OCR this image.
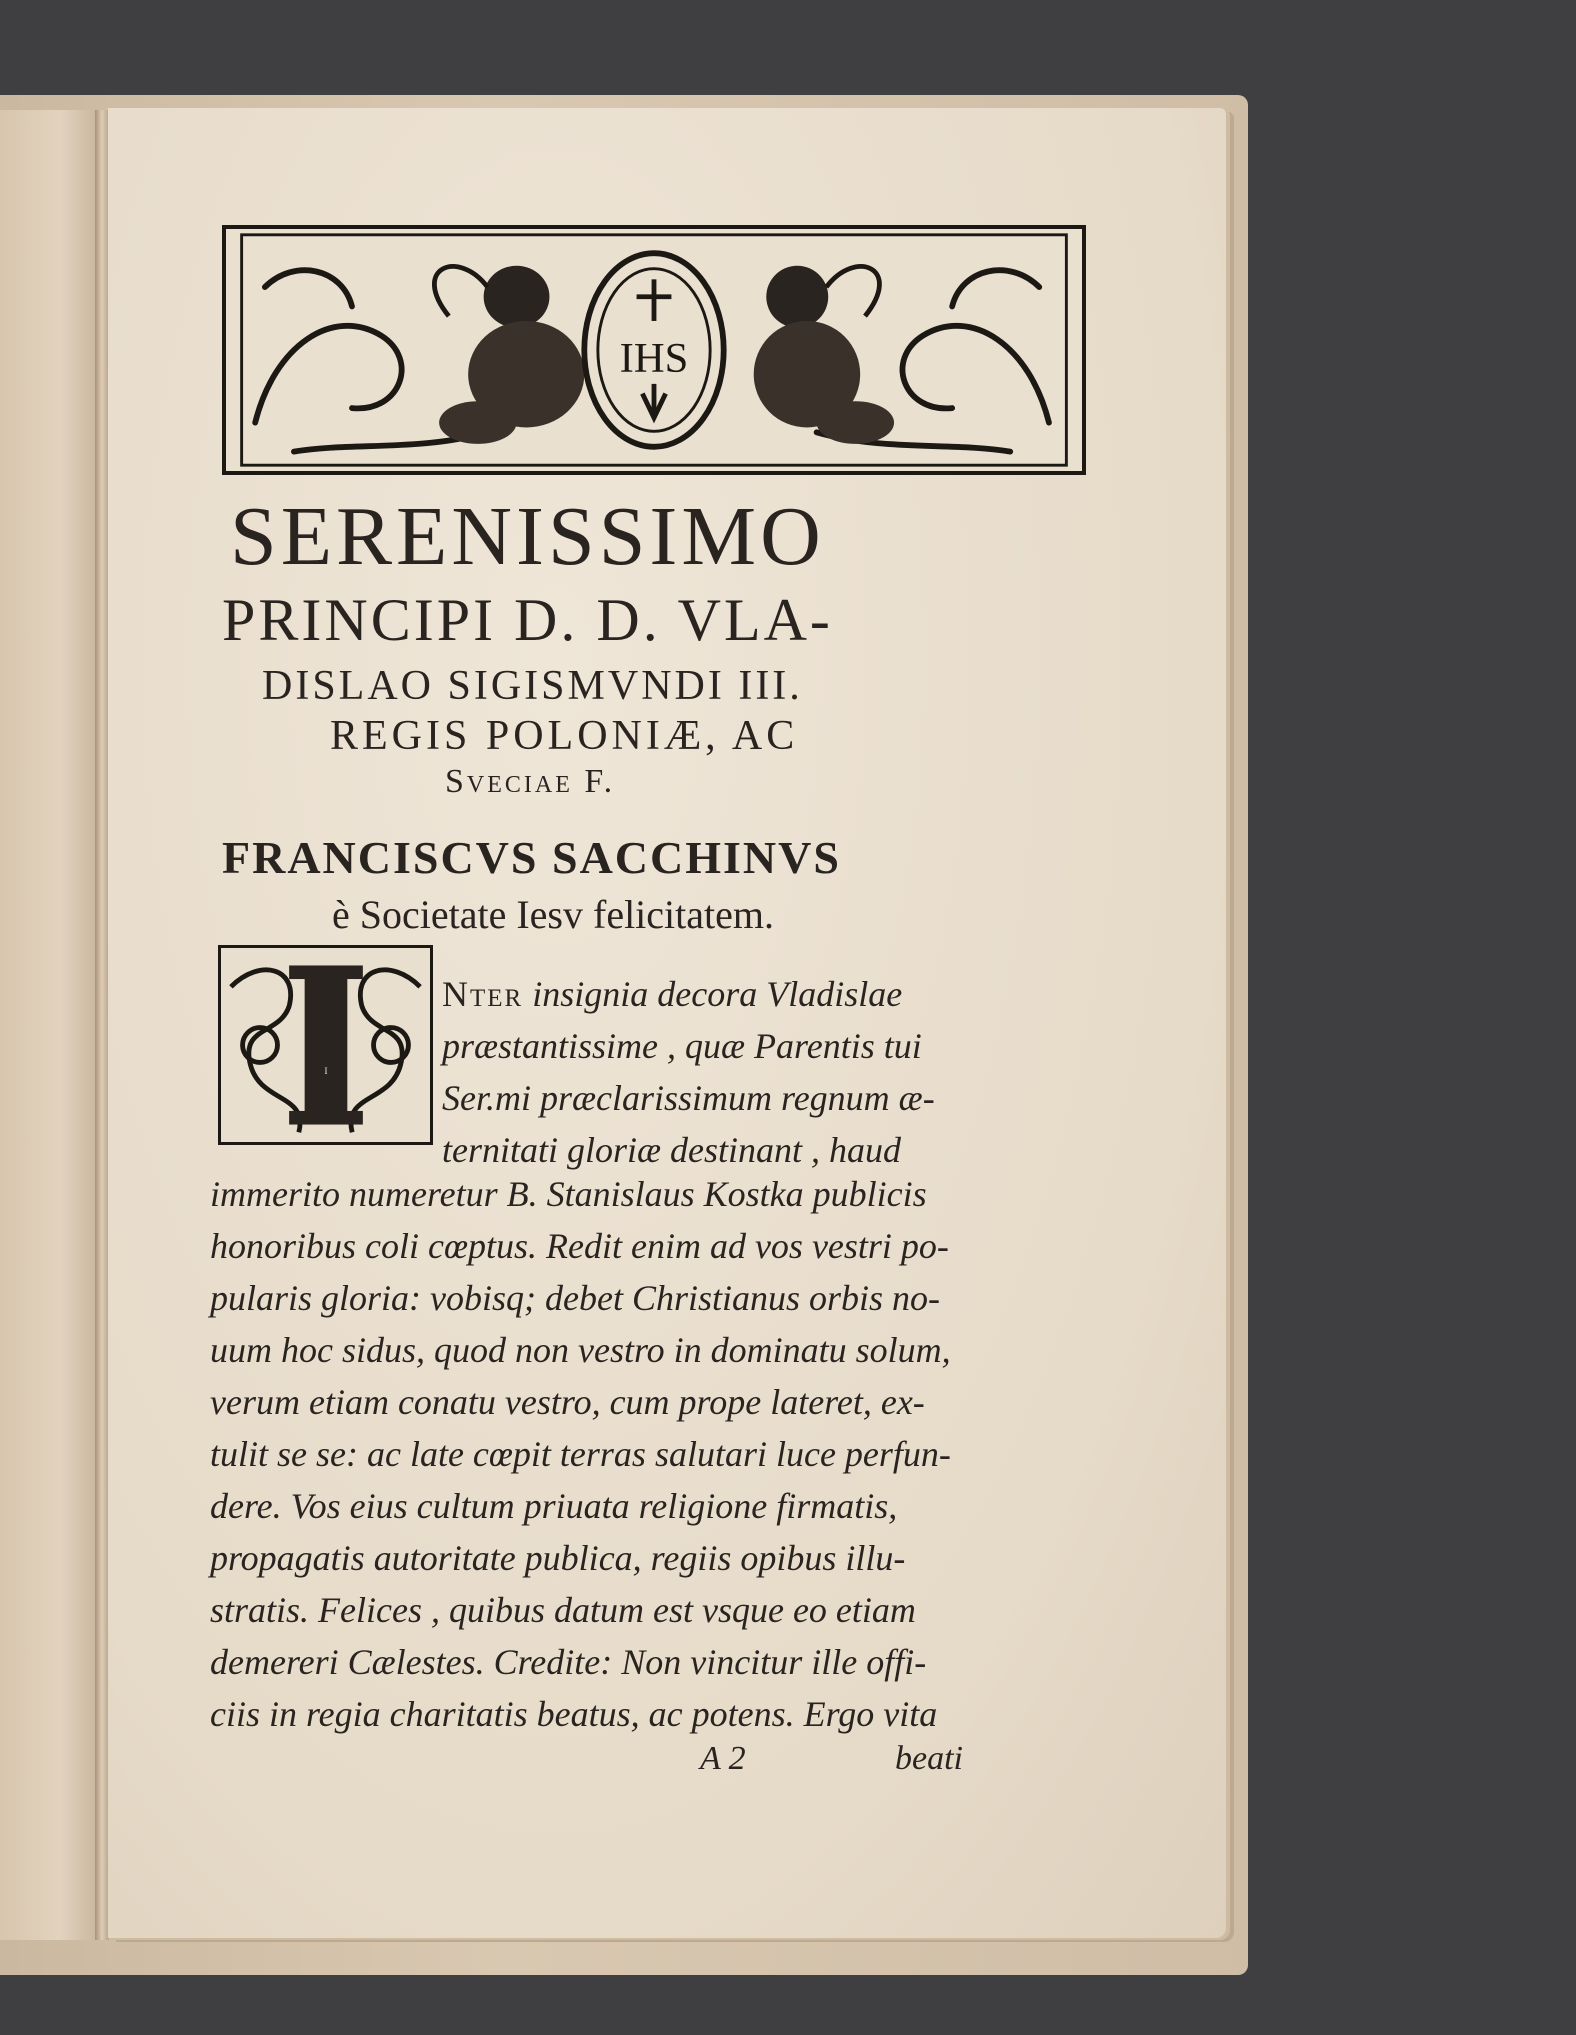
IHS
SERENISSIMO
PRINCIPI D. D. VLA-
DISLAO SIGISMVNDI III.
REGIS POLONIÆ, AC
Sveciae F.
FRANCISCVS SACCHINVS
è Societate Iesv felicitatem.
I
Nter insignia decora Vladislae
præstantissime , quæ Parentis tui
Ser.mi præclarissimum regnum æ-
ternitati gloriæ destinant , haud
immerito numeretur B. Stanislaus Kostka publicis
honoribus coli cœptus. Redit enim ad vos vestri po-
pularis gloria: vobisq; debet Christianus orbis no-
uum hoc sidus, quod non vestro in dominatu solum,
verum etiam conatu vestro, cum prope lateret, ex-
tulit se se: ac late cœpit terras salutari luce perfun-
dere. Vos eius cultum priuata religione firmatis,
propagatis autoritate publica, regiis opibus illu-
stratis. Felices , quibus datum est vsque eo etiam
demereri Cælestes. Credite: Non vincitur ille offi-
ciis in regia charitatis beatus, ac potens. Ergo vita
A 2	beati
